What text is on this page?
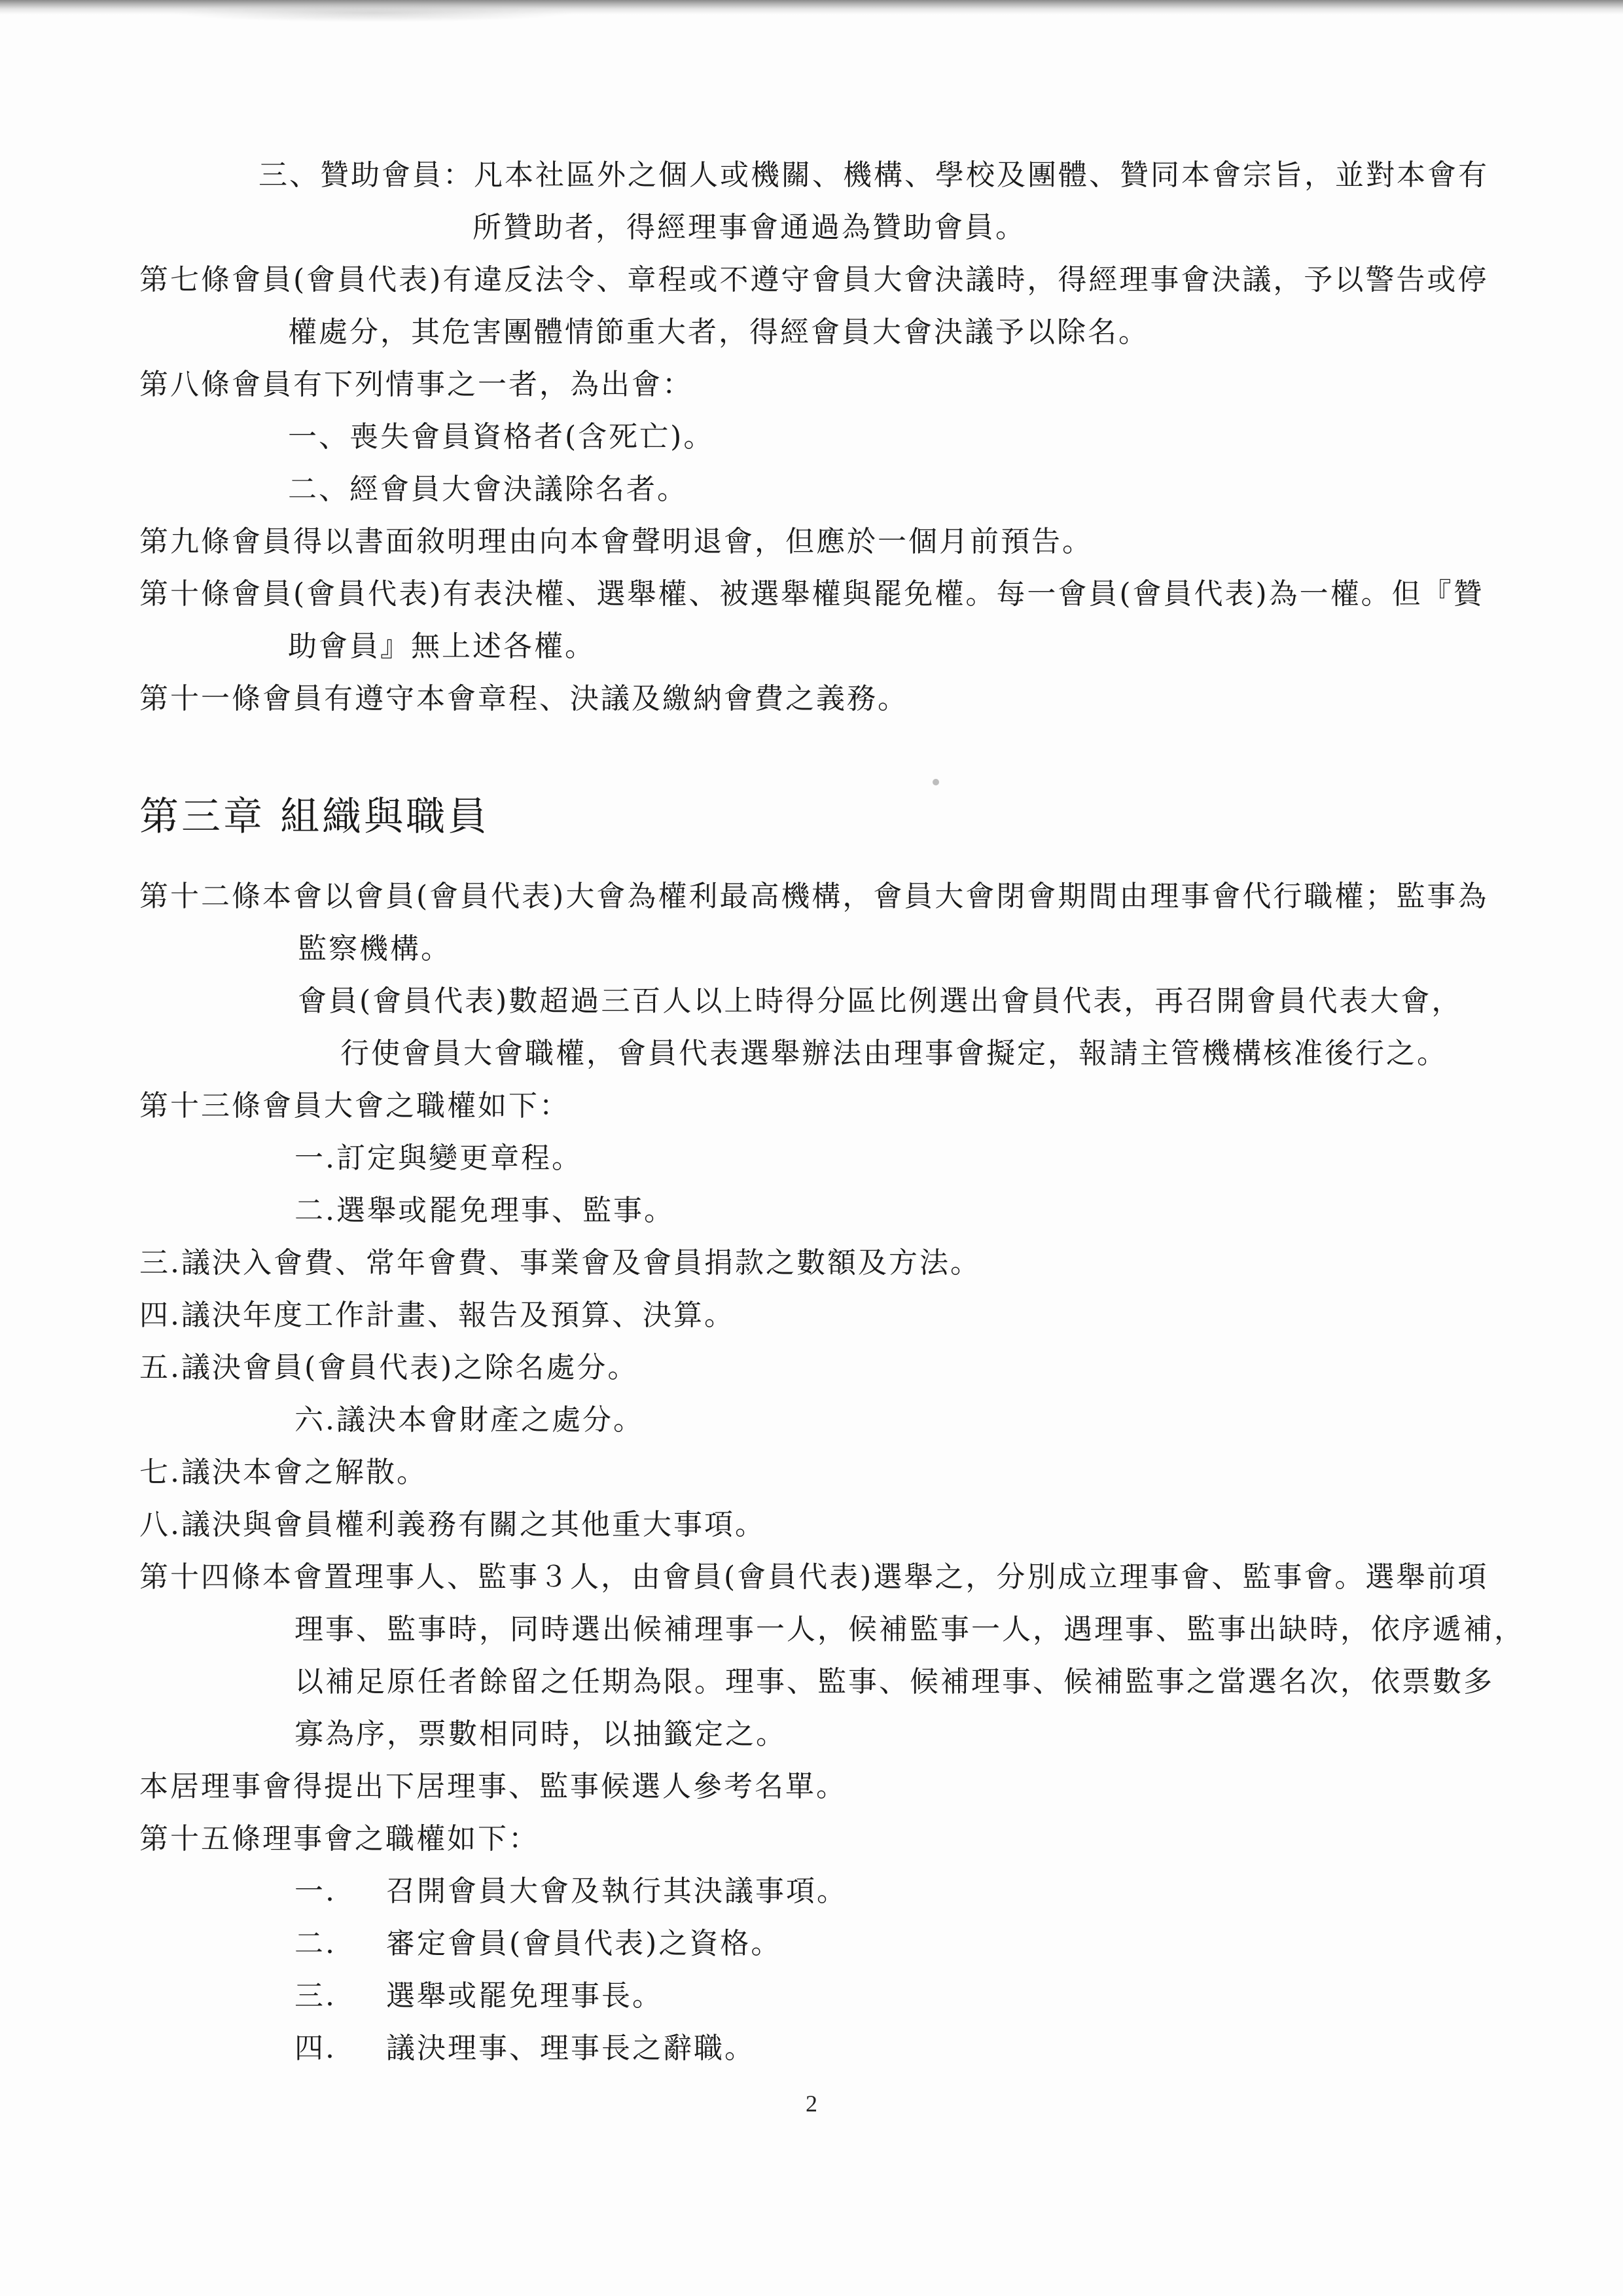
三、贊助會員：凡本社區外之個人或機關、機構、學校及團體、贊同本會宗旨，並對本會有
所贊助者，得經理事會通過為贊助會員。
第七條會員(會員代表)有違反法令、章程或不遵守會員大會決議時，得經理事會決議，予以警告或停
權處分，其危害團體情節重大者，得經會員大會決議予以除名。
第八條會員有下列情事之一者，為出會：
一、喪失會員資格者(含死亡)。
二、經會員大會決議除名者。
第九條會員得以書面敘明理由向本會聲明退會，但應於一個月前預告。
第十條會員(會員代表)有表決權、選舉權、被選舉權與罷免權。每一會員(會員代表)為一權。但『贊
助會員』無上述各權。
第十一條會員有遵守本會章程、決議及繳納會費之義務。
第三章 組織與職員
第十二條本會以會員(會員代表)大會為權利最高機構，會員大會閉會期間由理事會代行職權；監事為
監察機構。
會員(會員代表)數超過三百人以上時得分區比例選出會員代表，再召開會員代表大會，
行使會員大會職權，會員代表選舉辦法由理事會擬定，報請主管機構核准後行之。
第十三條會員大會之職權如下：
一.訂定與變更章程。
二.選舉或罷免理事、監事。
三.議決入會費、常年會費、事業會及會員捐款之數額及方法。
四.議決年度工作計畫、報告及預算、決算。
五.議決會員(會員代表)之除名處分。
六.議決本會財產之處分。
七.議決本會之解散。
八.議決與會員權利義務有關之其他重大事項。
第十四條本會置理事人、監事３人，由會員(會員代表)選舉之，分別成立理事會、監事會。選舉前項
理事、監事時，同時選出候補理事一人，候補監事一人，遇理事、監事出缺時，依序遞補，
以補足原任者餘留之任期為限。理事、監事、候補理事、候補監事之當選名次，依票數多
寡為序，票數相同時，以抽籤定之。
本居理事會得提出下居理事、監事候選人參考名單。
第十五條理事會之職權如下：
一. 召開會員大會及執行其決議事項。
二. 審定會員(會員代表)之資格。
三. 選舉或罷免理事長。
四. 議決理事、理事長之辭職。
2
